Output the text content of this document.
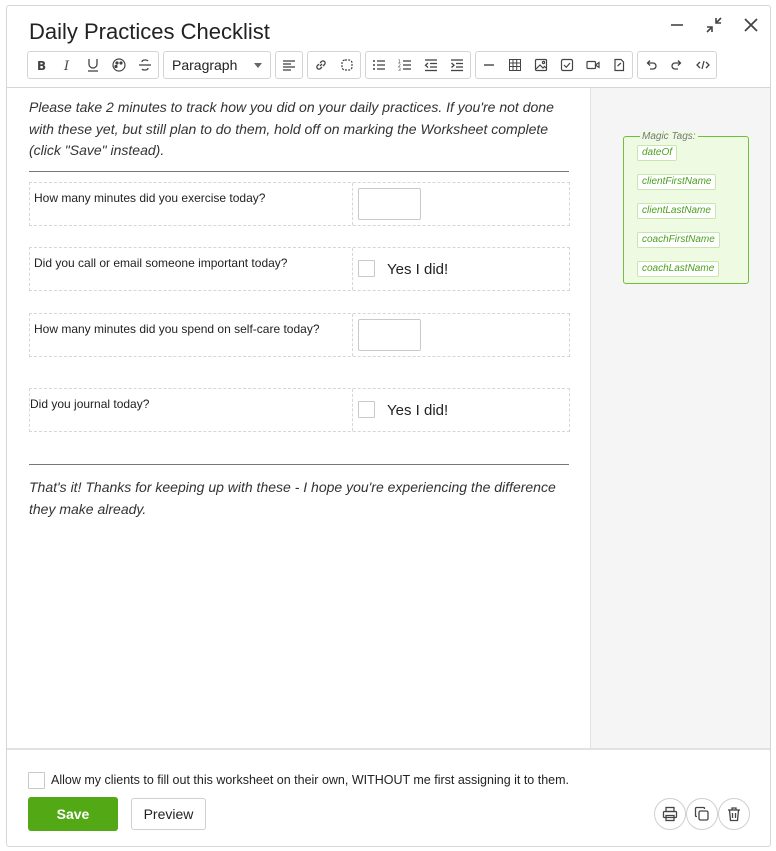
Daily Practices Checklist
B I	Paragraph	1
2
3
Magic Tags:
dateOf
clientFirstName
clientLastName
coachFirstName
coachLastName
Please take 2 minutes to track how you did on your daily practices. If you're not done with these yet, but still plan to do them, hold off on marking the Worksheet complete (click "Save" instead).
How many minutes did you exercise today?
Did you call or email someone important today?	Yes I did!
How many minutes did you spend on self-care today?
Did you journal today?	Yes I did!
That's it! Thanks for keeping up with these - I hope you're experiencing the difference they make already.
Allow my clients to fill out this worksheet on their own, WITHOUT me first assigning it to them.
Save	Preview
